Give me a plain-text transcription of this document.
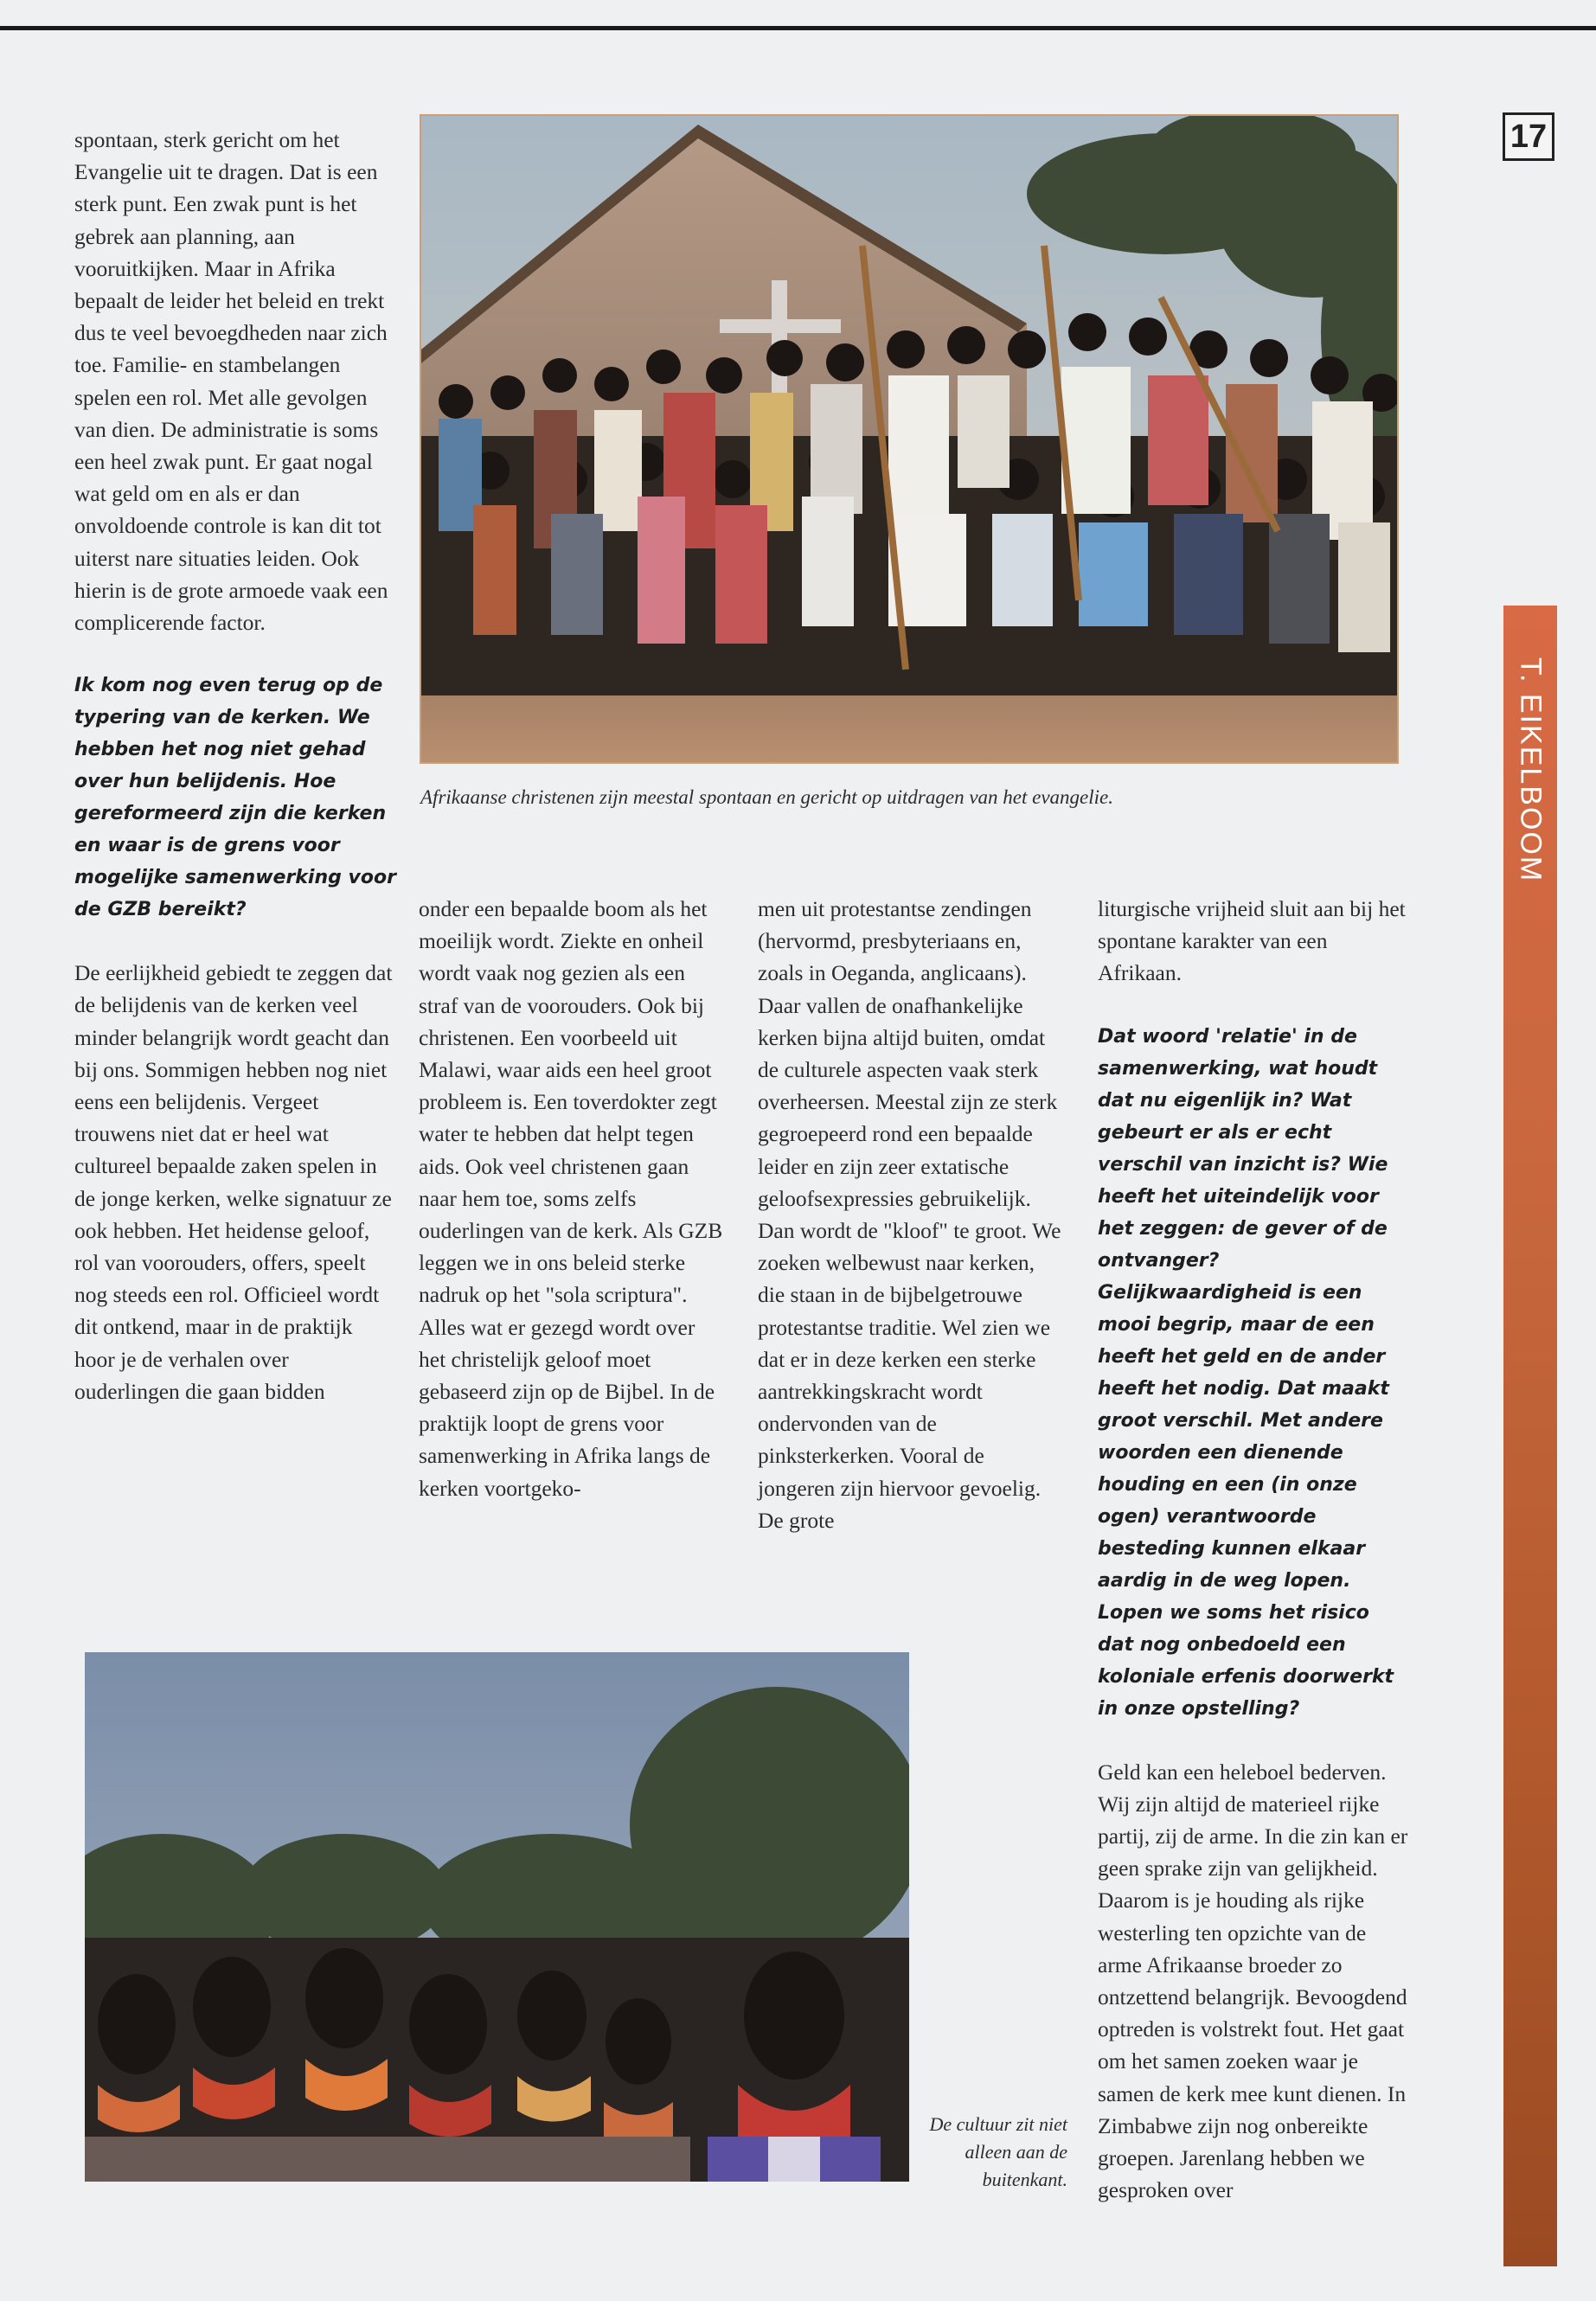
17
T. EIKELBOOM
Afrikaanse christenen zijn meestal spontaan en gericht op uitdragen van het evangelie.

spontaan, sterk gericht om het Evangelie uit te dragen. Dat is een sterk punt. Een zwak punt is het gebrek aan planning, aan vooruitkijken. Maar in Afrika bepaalt de leider het beleid en trekt dus te veel bevoegdheden naar zich toe. Familie- en stambelangen spelen een rol. Met alle gevolgen van dien. De administratie is soms een heel zwak punt. Er gaat nogal wat geld om en als er dan onvoldoende controle is kan dit tot uiterst nare situaties leiden. Ook hierin is de grote armoede vaak een complicerende factor.

Ik kom nog even terug op de typering van de kerken. We hebben het nog niet gehad over hun belijdenis. Hoe gereformeerd zijn die kerken en waar is de grens voor mogelijke samenwerking voor de GZB bereikt?

De eerlijkheid gebiedt te zeggen dat de belijdenis van de kerken veel minder belangrijk wordt geacht dan bij ons. Sommigen hebben nog niet eens een belijdenis. Vergeet trouwens niet dat er heel wat cultureel bepaalde zaken spelen in de jonge kerken, welke signatuur ze ook hebben. Het heidense geloof, rol van voorouders, offers, speelt nog steeds een rol. Officieel wordt dit ontkend, maar in de praktijk hoor je de verhalen over ouderlingen die gaan bidden

onder een bepaalde boom als het moeilijk wordt. Ziekte en onheil wordt vaak nog gezien als een straf van de voorouders. Ook bij christenen. Een voorbeeld uit Malawi, waar aids een heel groot probleem is. Een toverdokter zegt water te hebben dat helpt tegen aids. Ook veel christenen gaan naar hem toe, soms zelfs ouderlingen van de kerk. Als GZB leggen we in ons beleid sterke nadruk op het "sola scriptura". Alles wat er gezegd wordt over het christelijk geloof moet gebaseerd zijn op de Bijbel. In de praktijk loopt de grens voor samenwerking in Afrika langs de kerken voortgeko-

men uit protestantse zendingen (hervormd, presbyteriaans en, zoals in Oeganda, anglicaans). Daar vallen de onafhankelijke kerken bijna altijd buiten, omdat de culturele aspecten vaak sterk overheersen. Meestal zijn ze sterk gegroepeerd rond een bepaalde leider en zijn zeer extatische geloofsexpressies gebruikelijk. Dan wordt de "kloof" te groot. We zoeken welbewust naar kerken, die staan in de bijbelgetrouwe protestantse traditie. Wel zien we dat er in deze kerken een sterke aantrekkingskracht wordt ondervonden van de pinksterkerken. Vooral de jongeren zijn hiervoor gevoelig. De grote

liturgische vrijheid sluit aan bij het spontane karakter van een Afrikaan.

Dat woord 'relatie' in de samenwerking, wat houdt dat nu eigenlijk in? Wat gebeurt er als er echt verschil van inzicht is? Wie heeft het uiteindelijk voor het zeggen: de gever of de ontvanger? Gelijkwaardigheid is een mooi begrip, maar de een heeft het geld en de ander heeft het nodig. Dat maakt groot verschil. Met andere woorden een dienende houding en een (in onze ogen) verantwoorde besteding kunnen elkaar aardig in de weg lopen. Lopen we soms het risico dat nog onbedoeld een koloniale erfenis doorwerkt in onze opstelling?

Geld kan een heleboel bederven. Wij zijn altijd de materieel rijke partij, zij de arme. In die zin kan er geen sprake zijn van gelijkheid. Daarom is je houding als rijke westerling ten opzichte van de arme Afrikaanse broeder zo ontzettend belangrijk. Bevoogdend optreden is volstrekt fout. Het gaat om het samen zoeken waar je samen de kerk mee kunt dienen. In Zimbabwe zijn nog onbereikte groepen. Jarenlang hebben we gesproken over

De cultuur zit niet alleen aan de buitenkant.
